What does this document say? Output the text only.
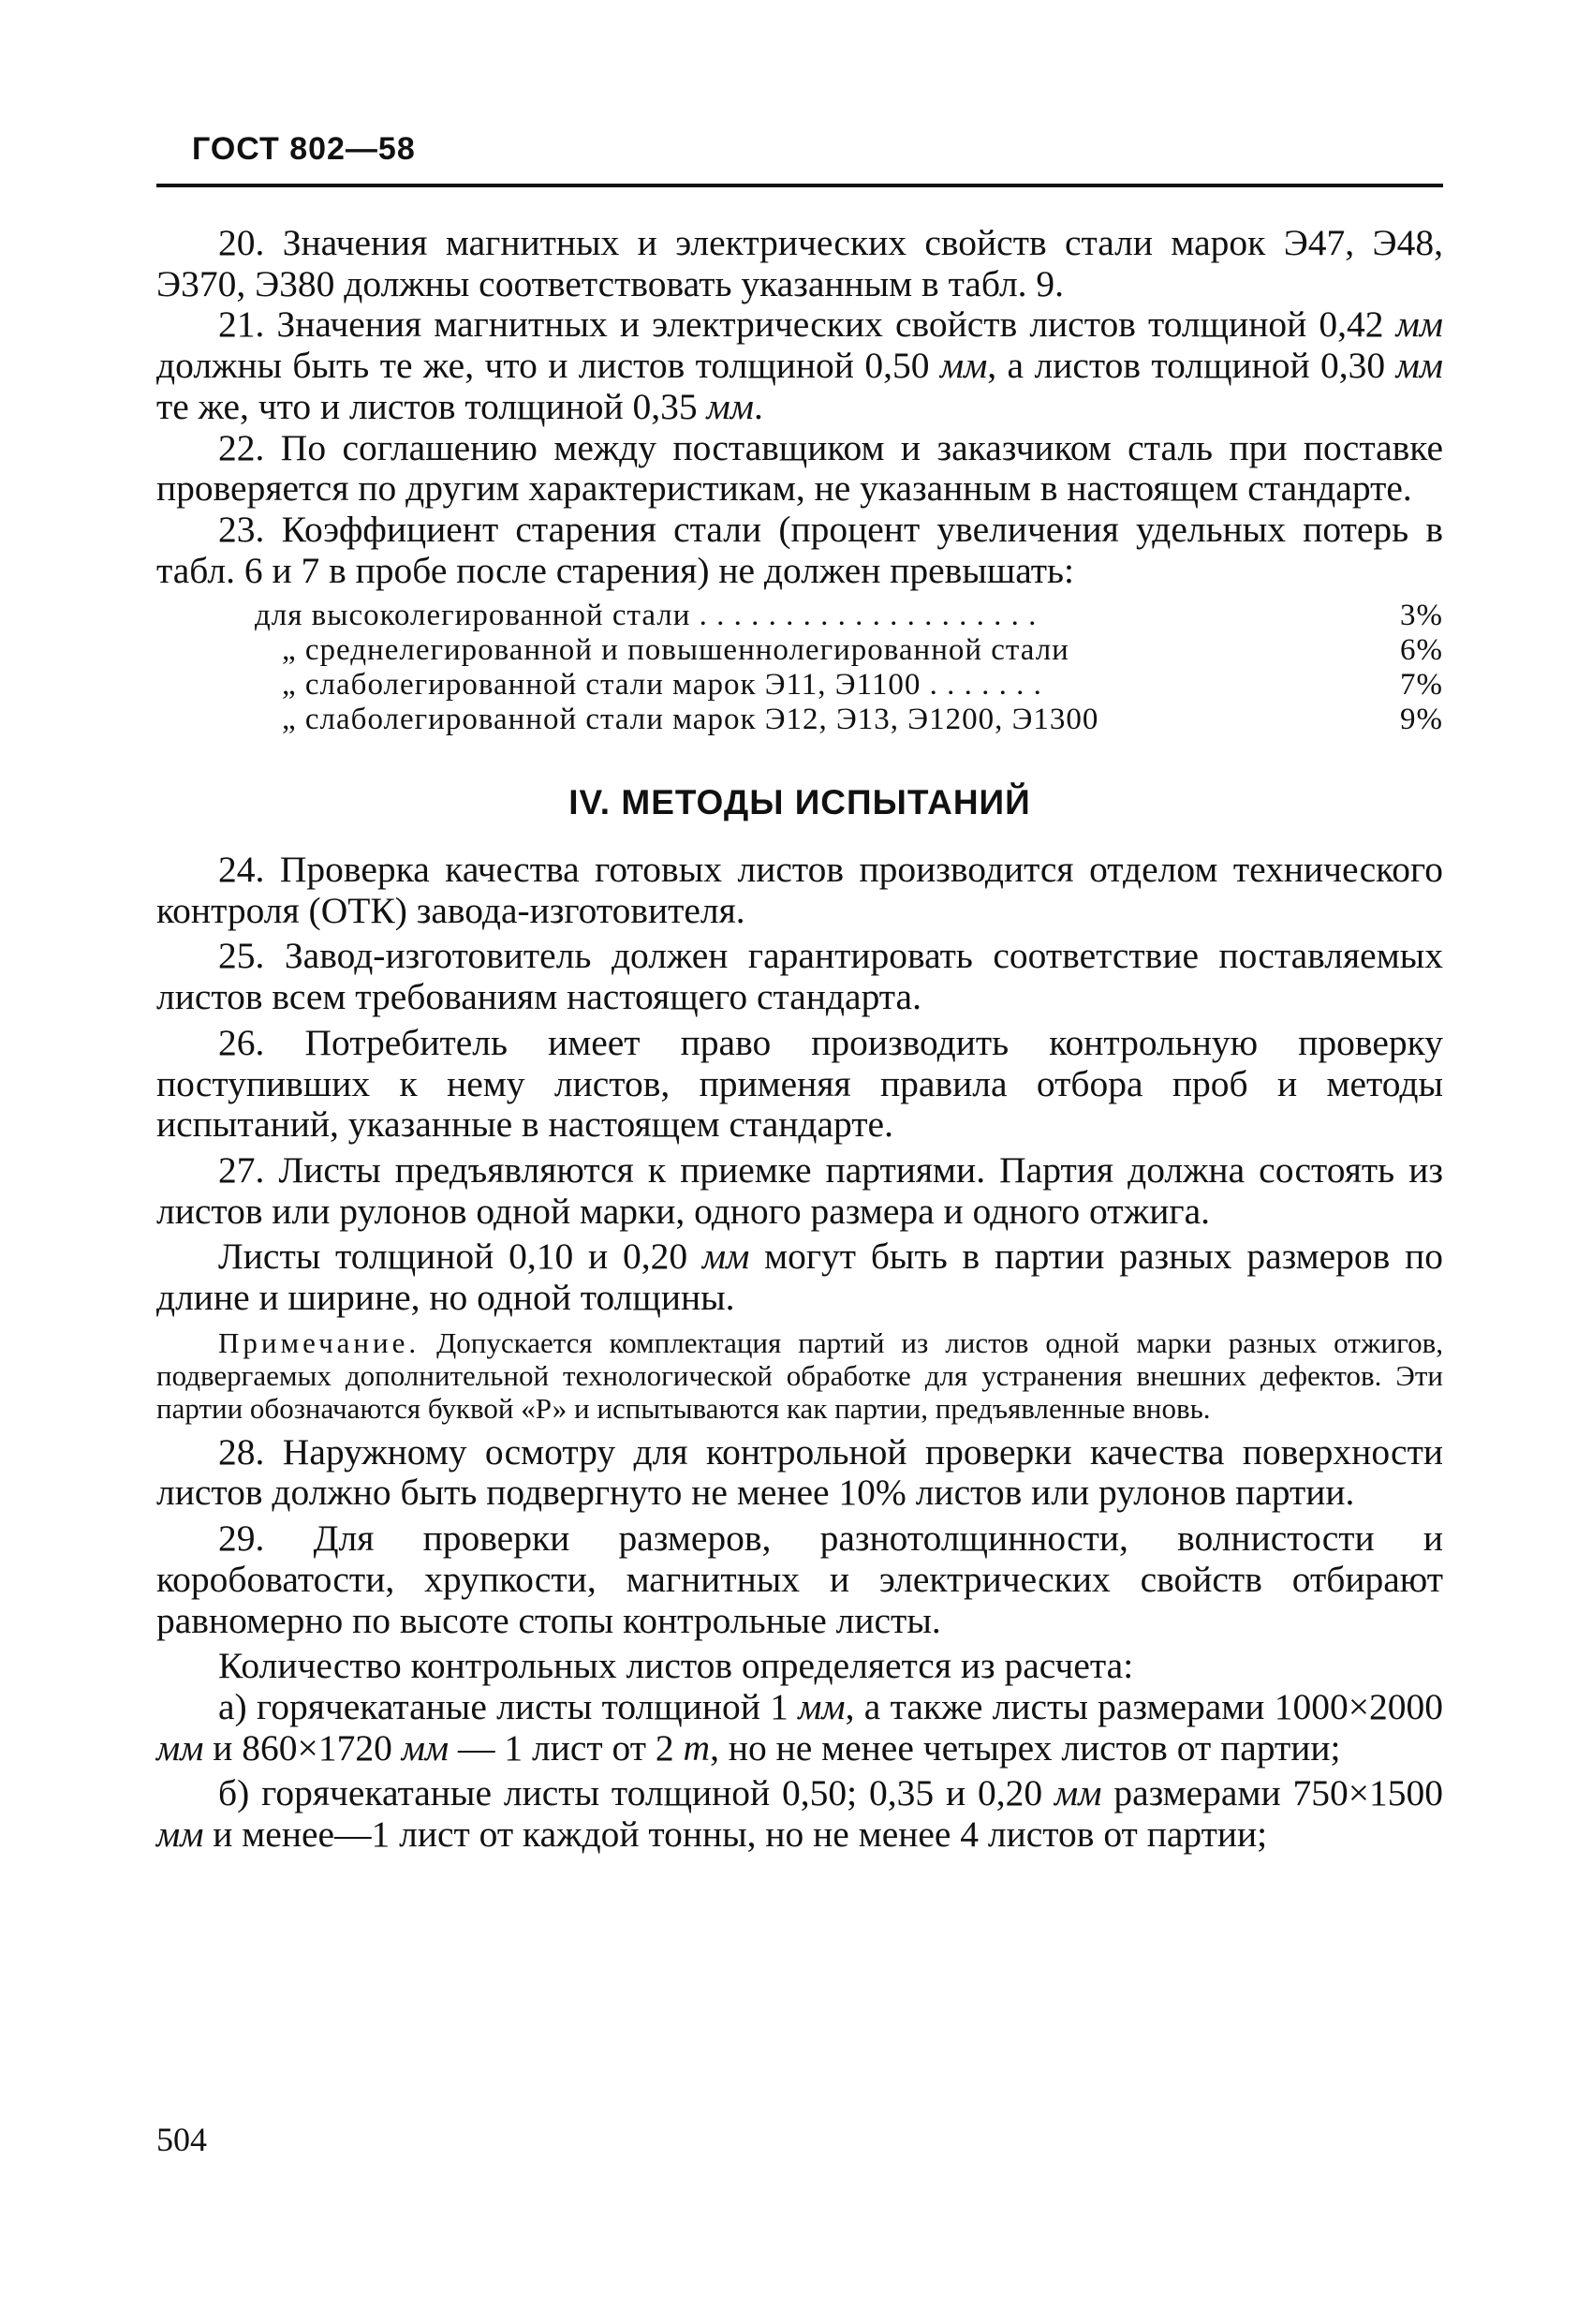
ГОСТ 802—58

20. Значения магнитных и электрических свойств стали марок Э47, Э48, Э370, Э380 должны соответствовать указанным в табл. 9.

21. Значения магнитных и электрических свойств листов толщиной 0,42 мм должны быть те же, что и листов толщиной 0,50 мм, а листов толщиной 0,30 мм те же, что и листов толщиной 0,35 мм.

22. По соглашению между поставщиком и заказчиком сталь при поставке проверяется по другим характеристикам, не указанным в настоящем стандарте.

23. Коэффициент старения стали (процент увеличения удельных потерь в табл. 6 и 7 в пробе после старения) не должен превышать:

для высоколегированной стали . . . . . . . . . . . . . . . . . . . .	3%
„ среднелегированной и повышеннолегированной стали	6%
„ слаболегированной стали марок Э11, Э1100 . . . . . . .	7%
„ слаболегированной стали марок Э12, Э13, Э1200, Э1300	9%
IV. МЕТОДЫ ИСПЫТАНИЙ

24. Проверка качества готовых листов производится отделом технического контроля (ОТК) завода-изготовителя.

25. Завод-изготовитель должен гарантировать соответствие поставляемых листов всем требованиям настоящего стандарта.

26. Потребитель имеет право производить контрольную проверку поступивших к нему листов, применяя правила отбора проб и методы испытаний, указанные в настоящем стандарте.

27. Листы предъявляются к приемке партиями. Партия должна состоять из листов или рулонов одной марки, одного размера и одного отжига.

Листы толщиной 0,10 и 0,20 мм могут быть в партии разных размеров по длине и ширине, но одной толщины.

Примечание. Допускается комплектация партий из листов одной марки разных отжигов, подвергаемых дополнительной технологической обработке для устранения внешних дефектов. Эти партии обозначаются буквой «Р» и испытываются как партии, предъявленные вновь.

28. Наружному осмотру для контрольной проверки качества поверхности листов должно быть подвергнуто не менее 10% листов или рулонов партии.

29. Для проверки размеров, разнотолщинности, волнистости и коробоватости, хрупкости, магнитных и электрических свойств отбирают равномерно по высоте стопы контрольные листы.

Количество контрольных листов определяется из расчета:

а) горячекатаные листы толщиной 1 мм, а также листы размерами 1000×2000 мм и 860×1720 мм — 1 лист от 2 т, но не менее четырех листов от партии;

б) горячекатаные листы толщиной 0,50; 0,35 и 0,20 мм размерами 750×1500 мм и менее—1 лист от каждой тонны, но не менее 4 листов от партии;

504
